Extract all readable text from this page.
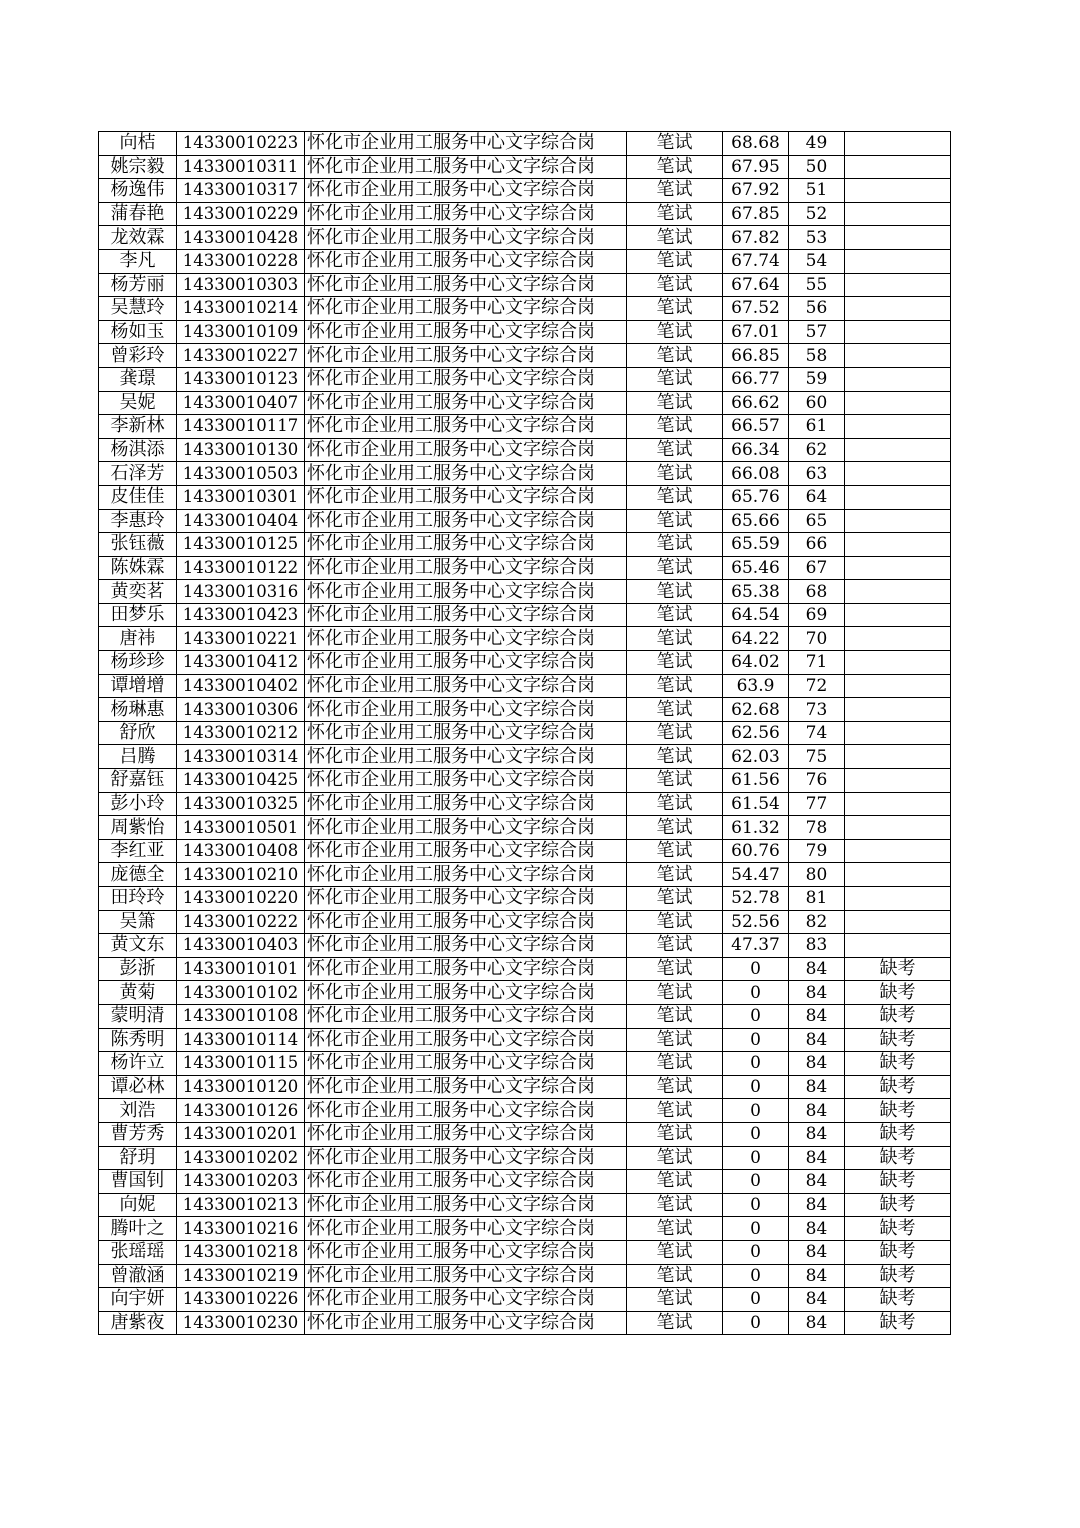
向桔	14330010223	怀化市企业用工服务中心文字综合岗	笔试	68.68	49	
姚宗毅	14330010311	怀化市企业用工服务中心文字综合岗	笔试	67.95	50	
杨逸伟	14330010317	怀化市企业用工服务中心文字综合岗	笔试	67.92	51	
蒲春艳	14330010229	怀化市企业用工服务中心文字综合岗	笔试	67.85	52	
龙效霖	14330010428	怀化市企业用工服务中心文字综合岗	笔试	67.82	53	
李凡	14330010228	怀化市企业用工服务中心文字综合岗	笔试	67.74	54	
杨芳丽	14330010303	怀化市企业用工服务中心文字综合岗	笔试	67.64	55	
吴慧玲	14330010214	怀化市企业用工服务中心文字综合岗	笔试	67.52	56	
杨如玉	14330010109	怀化市企业用工服务中心文字综合岗	笔试	67.01	57	
曾彩玲	14330010227	怀化市企业用工服务中心文字综合岗	笔试	66.85	58	
龚璟	14330010123	怀化市企业用工服务中心文字综合岗	笔试	66.77	59	
吴妮	14330010407	怀化市企业用工服务中心文字综合岗	笔试	66.62	60	
李新林	14330010117	怀化市企业用工服务中心文字综合岗	笔试	66.57	61	
杨淇添	14330010130	怀化市企业用工服务中心文字综合岗	笔试	66.34	62	
石泽芳	14330010503	怀化市企业用工服务中心文字综合岗	笔试	66.08	63	
皮佳佳	14330010301	怀化市企业用工服务中心文字综合岗	笔试	65.76	64	
李惠玲	14330010404	怀化市企业用工服务中心文字综合岗	笔试	65.66	65	
张钰薇	14330010125	怀化市企业用工服务中心文字综合岗	笔试	65.59	66	
陈姝霖	14330010122	怀化市企业用工服务中心文字综合岗	笔试	65.46	67	
黄奕茗	14330010316	怀化市企业用工服务中心文字综合岗	笔试	65.38	68	
田梦乐	14330010423	怀化市企业用工服务中心文字综合岗	笔试	64.54	69	
唐祎	14330010221	怀化市企业用工服务中心文字综合岗	笔试	64.22	70	
杨珍珍	14330010412	怀化市企业用工服务中心文字综合岗	笔试	64.02	71	
谭增增	14330010402	怀化市企业用工服务中心文字综合岗	笔试	63.9	72	
杨琳惠	14330010306	怀化市企业用工服务中心文字综合岗	笔试	62.68	73	
舒欣	14330010212	怀化市企业用工服务中心文字综合岗	笔试	62.56	74	
吕腾	14330010314	怀化市企业用工服务中心文字综合岗	笔试	62.03	75	
舒嘉钰	14330010425	怀化市企业用工服务中心文字综合岗	笔试	61.56	76	
彭小玲	14330010325	怀化市企业用工服务中心文字综合岗	笔试	61.54	77	
周紫怡	14330010501	怀化市企业用工服务中心文字综合岗	笔试	61.32	78	
李红亚	14330010408	怀化市企业用工服务中心文字综合岗	笔试	60.76	79	
庞德全	14330010210	怀化市企业用工服务中心文字综合岗	笔试	54.47	80	
田玲玲	14330010220	怀化市企业用工服务中心文字综合岗	笔试	52.78	81	
吴箫	14330010222	怀化市企业用工服务中心文字综合岗	笔试	52.56	82	
黄文东	14330010403	怀化市企业用工服务中心文字综合岗	笔试	47.37	83	
彭浙	14330010101	怀化市企业用工服务中心文字综合岗	笔试	0	84	缺考
黄菊	14330010102	怀化市企业用工服务中心文字综合岗	笔试	0	84	缺考
蒙明清	14330010108	怀化市企业用工服务中心文字综合岗	笔试	0	84	缺考
陈秀明	14330010114	怀化市企业用工服务中心文字综合岗	笔试	0	84	缺考
杨许立	14330010115	怀化市企业用工服务中心文字综合岗	笔试	0	84	缺考
谭必林	14330010120	怀化市企业用工服务中心文字综合岗	笔试	0	84	缺考
刘浩	14330010126	怀化市企业用工服务中心文字综合岗	笔试	0	84	缺考
曹芳秀	14330010201	怀化市企业用工服务中心文字综合岗	笔试	0	84	缺考
舒玥	14330010202	怀化市企业用工服务中心文字综合岗	笔试	0	84	缺考
曹国钊	14330010203	怀化市企业用工服务中心文字综合岗	笔试	0	84	缺考
向妮	14330010213	怀化市企业用工服务中心文字综合岗	笔试	0	84	缺考
腾叶之	14330010216	怀化市企业用工服务中心文字综合岗	笔试	0	84	缺考
张瑶瑶	14330010218	怀化市企业用工服务中心文字综合岗	笔试	0	84	缺考
曾澈涵	14330010219	怀化市企业用工服务中心文字综合岗	笔试	0	84	缺考
向宇妍	14330010226	怀化市企业用工服务中心文字综合岗	笔试	0	84	缺考
唐紫夜	14330010230	怀化市企业用工服务中心文字综合岗	笔试	0	84	缺考
